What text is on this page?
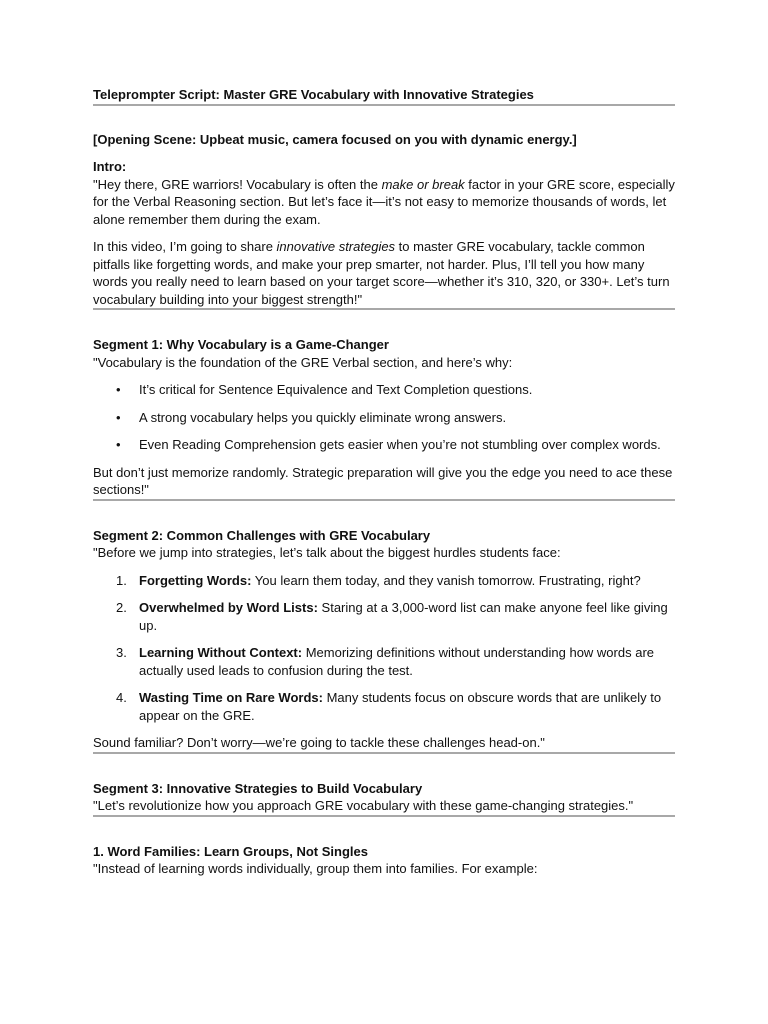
Teleprompter Script: Master GRE Vocabulary with Innovative Strategies

[Opening Scene: Upbeat music, camera focused on you with dynamic energy.]

Intro:

"Hey there, GRE warriors! Vocabulary is often the make or break factor in your GRE score, especially for the Verbal Reasoning section. But let’s face it—it’s not easy to memorize thousands of words, let alone remember them during the exam.

In this video, I’m going to share innovative strategies to master GRE vocabulary, tackle common pitfalls like forgetting words, and make your prep smarter, not harder. Plus, I’ll tell you how many words you really need to learn based on your target score—whether it’s 310, 320, or 330+. Let’s turn vocabulary building into your biggest strength!"

Segment 1: Why Vocabulary is a Game-Changer

"Vocabulary is the foundation of the GRE Verbal section, and here’s why:

• It’s critical for Sentence Equivalence and Text Completion questions.
• A strong vocabulary helps you quickly eliminate wrong answers.
• Even Reading Comprehension gets easier when you’re not stumbling over complex words.

But don’t just memorize randomly. Strategic preparation will give you the edge you need to ace these sections!"

Segment 2: Common Challenges with GRE Vocabulary

"Before we jump into strategies, let’s talk about the biggest hurdles students face:

1. Forgetting Words: You learn them today, and they vanish tomorrow. Frustrating, right?
2. Overwhelmed by Word Lists: Staring at a 3,000-word list can make anyone feel like giving up.
3. Learning Without Context: Memorizing definitions without understanding how words are actually used leads to confusion during the test.
4. Wasting Time on Rare Words: Many students focus on obscure words that are unlikely to appear on the GRE.

Sound familiar? Don’t worry—we’re going to tackle these challenges head-on."

Segment 3: Innovative Strategies to Build Vocabulary

"Let’s revolutionize how you approach GRE vocabulary with these game-changing strategies."

1. Word Families: Learn Groups, Not Singles

"Instead of learning words individually, group them into families. For example:
